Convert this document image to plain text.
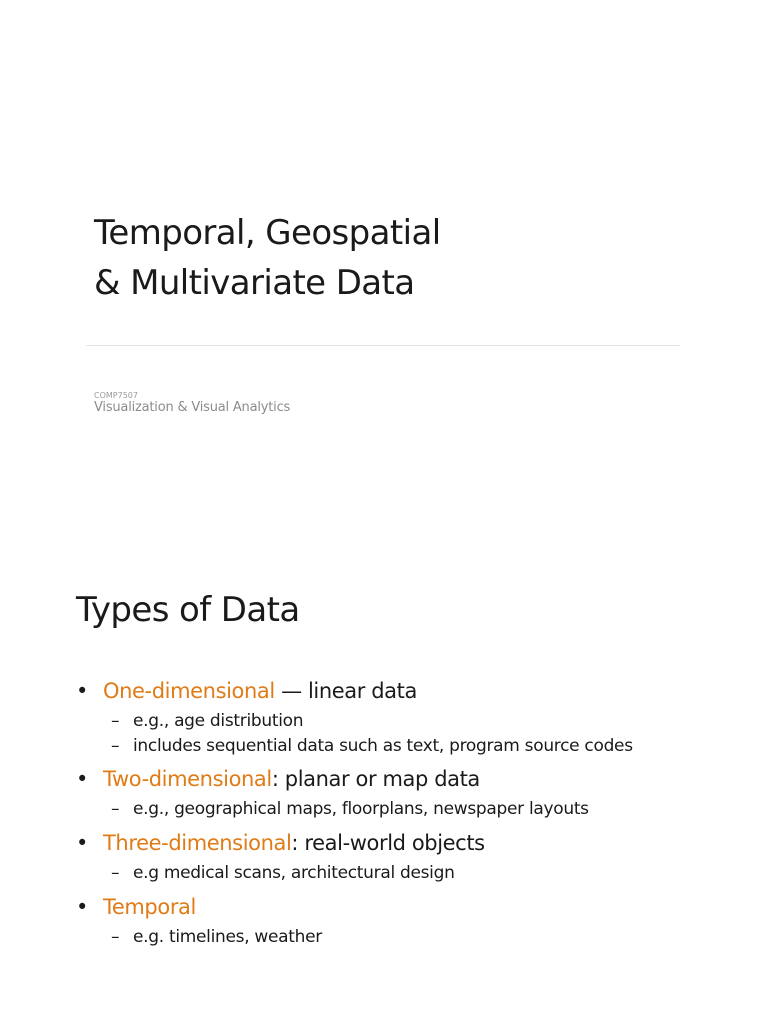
Temporal, Geospatial
& Multivariate Data
COMP7507
Visualization & Visual Analytics
Types of Data
• One-dimensional — linear data
– e.g., age distribution
– includes sequential data such as text, program source codes
• Two-dimensional: planar or map data
– e.g., geographical maps, floorplans, newspaper layouts
• Three-dimensional: real-world objects
– e.g medical scans, architectural design
• Temporal
– e.g. timelines, weather
